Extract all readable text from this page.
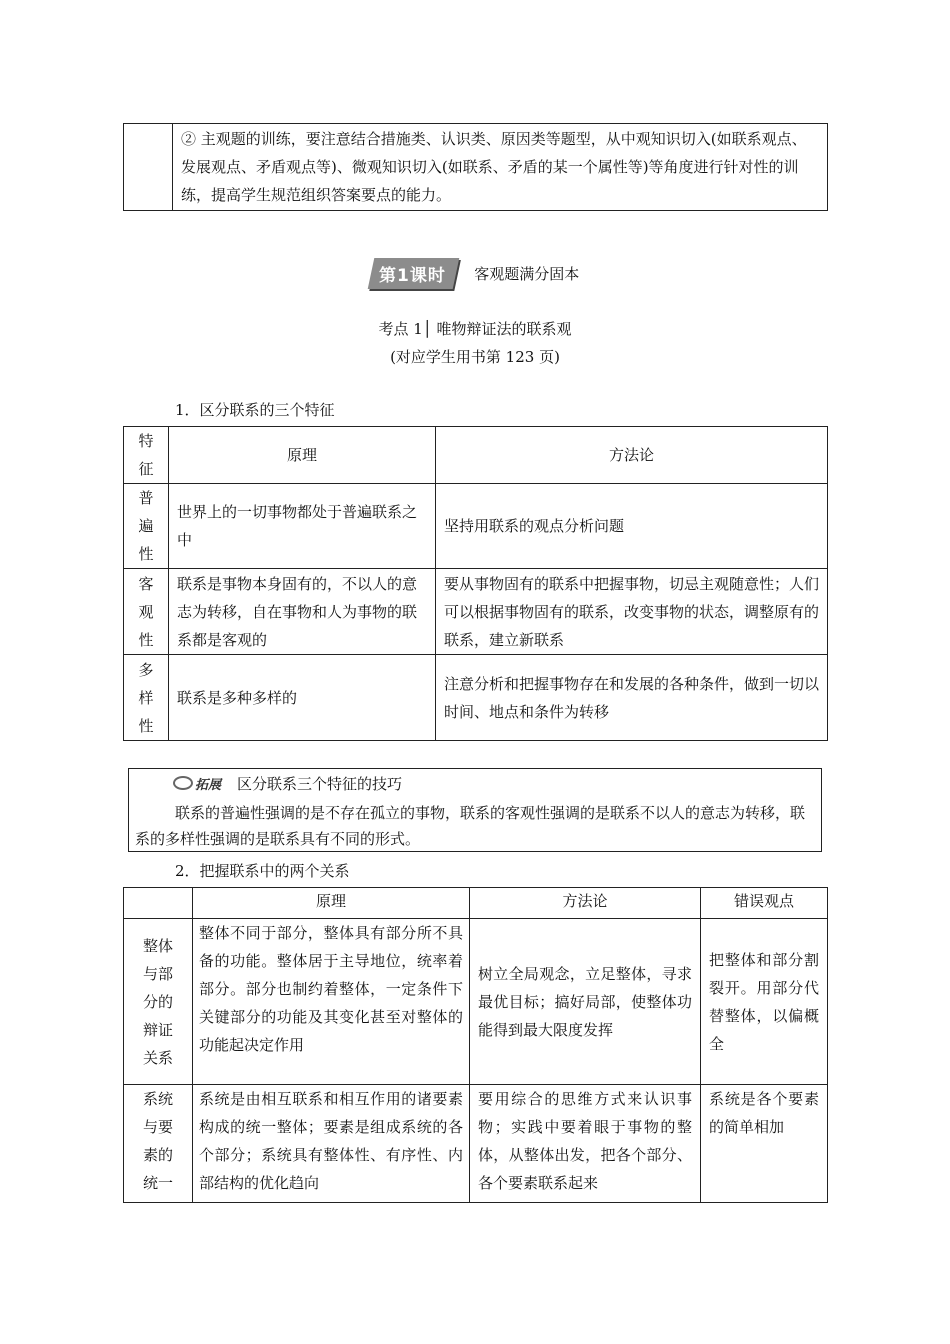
	② 主观题的训练，要注意结合措施类、认识类、原因类等题型，从中观知识切入(如联系观点、发展观点、矛盾观点等)、微观知识切入(如联系、矛盾的某一个属性等)等角度进行针对性的训练，提高学生规范组织答案要点的能力。
第1课时 客观题满分固本
考点 1│ 唯物辩证法的联系观
(对应学生用书第 123 页)
1．区分联系的三个特征
特
征	原理	方法论
普
遍
性	世界上的一切事物都处于普遍联系之中	坚持用联系的观点分析问题
客
观
性	联系是事物本身固有的，不以人的意志为转移，自在事物和人为事物的联系都是客观的	要从事物固有的联系中把握事物，切忌主观随意性；人们可以根据事物固有的联系，改变事物的状态，调整原有的联系，建立新联系
多
样
性	联系是多种多样的	注意分析和把握事物存在和发展的各种条件，做到一切以时间、地点和条件为转移
拓展 区分联系三个特征的技巧
联系的普遍性强调的是不存在孤立的事物，联系的客观性强调的是联系不以人的意志为转移，联系的多样性强调的是联系具有不同的形式。
2．把握联系中的两个关系
	原理	方法论	错误观点
整体
与部
分的
辩证
关系	整体不同于部分，整体具有部分所不具备的功能。整体居于主导地位，统率着部分。部分也制约着整体，一定条件下关键部分的功能及其变化甚至对整体的功能起决定作用	树立全局观念，立足整体，寻求最优目标；搞好局部，使整体功能得到最大限度发挥	把整体和部分割裂开。用部分代替整体，以偏概全
系统
与要
素的
统一	系统是由相互联系和相互作用的诸要素构成的统一整体；要素是组成系统的各个部分；系统具有整体性、有序性、内部结构的优化趋向	要用综合的思维方式来认识事物；实践中要着眼于事物的整体，从整体出发，把各个部分、各个要素联系起来	系统是各个要素的简单相加
